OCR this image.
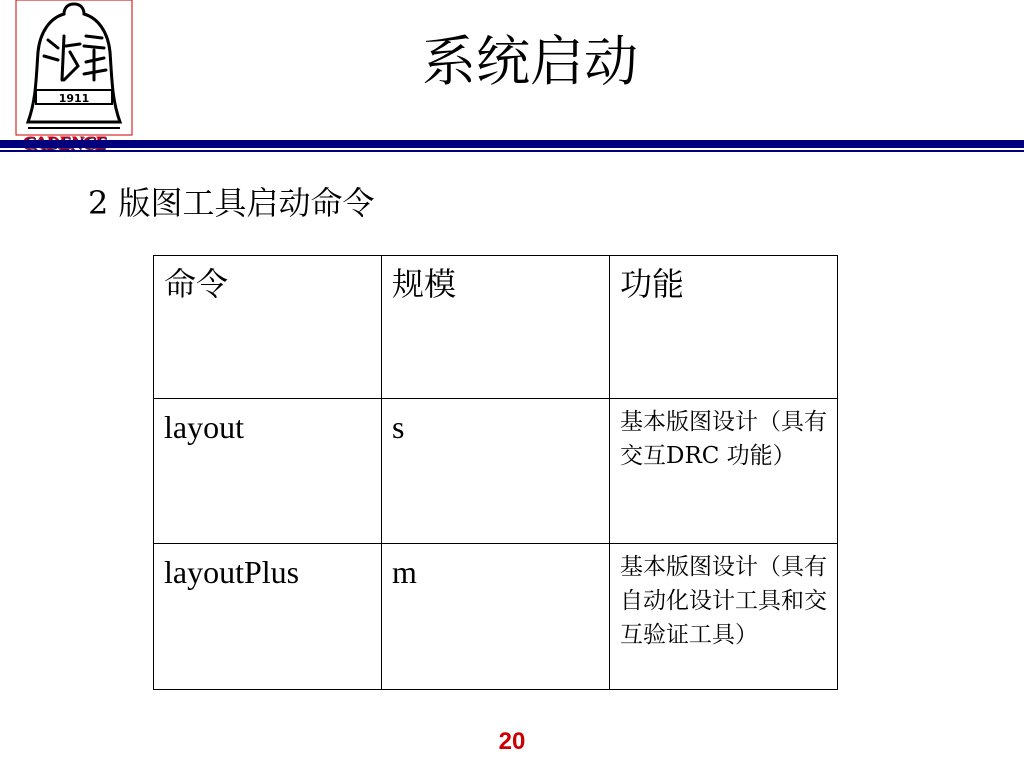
1911
系统启动
2 版图工具启动命令
命令	规模	功能
layout	s	基本版图设计（具有交互DRC 功能）
layoutPlus	m	基本版图设计（具有自动化设计工具和交互验证工具）
20
